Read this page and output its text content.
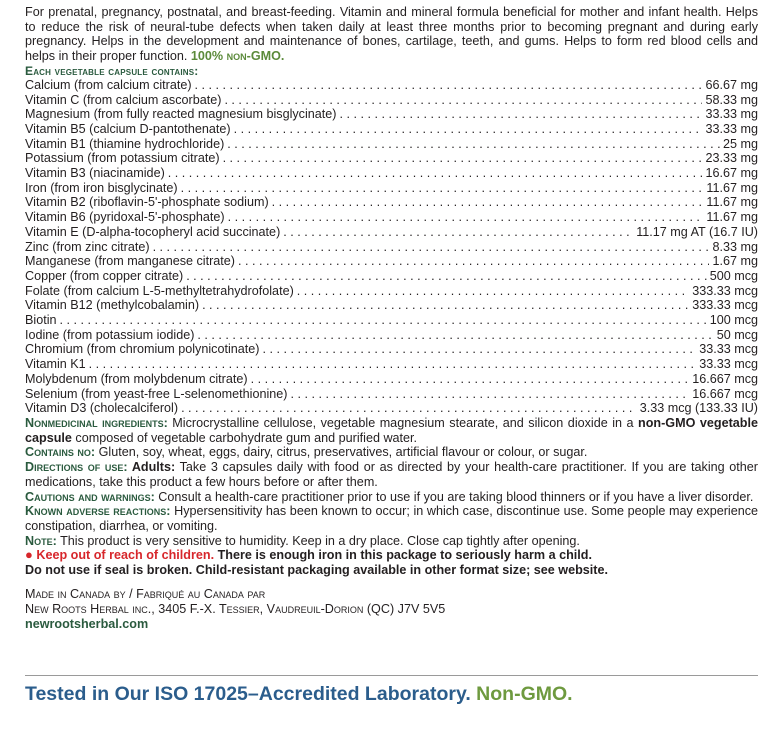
For prenatal, pregnancy, postnatal, and breast-feeding. Vitamin and mineral formula beneficial for mother and infant health. Helps to reduce the risk of neural-tube defects when taken daily at least three months prior to becoming pregnant and during early pregnancy. Helps in the development and maintenance of bones, cartilage, teeth, and gums. Helps to form red blood cells and helps in their proper function. 100% non-GMO.

Each vegetable capsule contains:
Calcium (from calcium citrate) . . .	66.67 mg
Vitamin C (from calcium ascorbate) . . .	58.33 mg
Magnesium (from fully reacted magnesium bisglycinate) . . .	33.33 mg
Vitamin B5 (calcium D-pantothenate) . . .	33.33 mg
Vitamin B1 (thiamine hydrochloride) . . .	25 mg
Potassium (from potassium citrate) . . .	23.33 mg
Vitamin B3 (niacinamide) . . .	16.67 mg
Iron (from iron bisglycinate) . . .	11.67 mg
Vitamin B2 (riboflavin-5'-phosphate sodium) . . .	11.67 mg
Vitamin B6 (pyridoxal-5'-phosphate) . . .	11.67 mg
Vitamin E (D-alpha-tocopheryl acid succinate) . . .	11.17 mg AT (16.7 IU)
Zinc (from zinc citrate) . . .	8.33 mg
Manganese (from manganese citrate) . . .	1.67 mg
Copper (from copper citrate) . . .	500 mcg
Folate (from calcium L-5-methyltetrahydrofolate) . . .	333.33 mcg
Vitamin B12 (methylcobalamin) . . .	333.33 mcg
Biotin . . .	100 mcg
Iodine (from potassium iodide) . . .	50 mcg
Chromium (from chromium polynicotinate) . . .	33.33 mcg
Vitamin K1 . . .	33.33 mcg
Molybdenum (from molybdenum citrate) . . .	16.667 mcg
Selenium (from yeast-free L-selenomethionine) . . .	16.667 mcg
Vitamin D3 (cholecalciferol) . . .	3.33 mcg (133.33 IU)

Nonmedicinal ingredients: Microcrystalline cellulose, vegetable magnesium stearate, and silicon dioxide in a non-GMO vegetable capsule composed of vegetable carbohydrate gum and purified water.

Contains no: Gluten, soy, wheat, eggs, dairy, citrus, preservatives, artificial flavour or colour, or sugar.

Directions of use: Adults: Take 3 capsules daily with food or as directed by your health-care practitioner. If you are taking other medications, take this product a few hours before or after them.

Cautions and warnings: Consult a health-care practitioner prior to use if you are taking blood thinners or if you have a liver disorder.

Known adverse reactions: Hypersensitivity has been known to occur; in which case, discontinue use. Some people may experience constipation, diarrhea, or vomiting.

Note: This product is very sensitive to humidity. Keep in a dry place. Close cap tightly after opening.

● Keep out of reach of children. There is enough iron in this package to seriously harm a child.
Do not use if seal is broken. Child-resistant packaging available in other format size; see website.

Made in Canada by / Fabriqué au Canada par
New Roots Herbal inc., 3405 F.-X. Tessier, Vaudreuil-Dorion (QC) J7V 5V5
newrootsherbal.com
Tested in Our ISO 17025–Accredited Laboratory. Non-GMO.
